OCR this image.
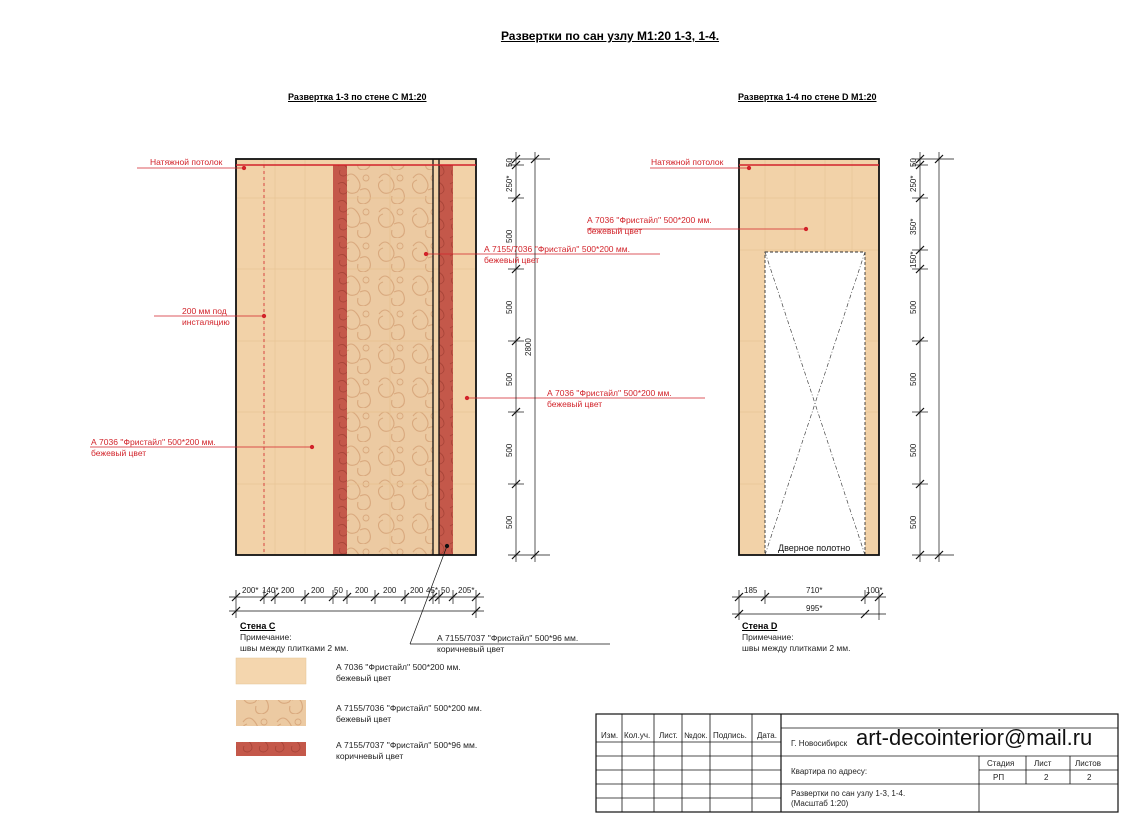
Развертки по сан узлу М1:20 1-3, 1-4.
Развертка 1-3 по стене С М1:20	Развертка 1-4 по стене D М1:20
Натяжной потолок
200 мм под
инсталяцию
А 7036 ''Фристайл'' 500*200 мм.
бежевый цвет
А 7155/7036 ''Фристайл'' 500*200 мм.
бежевый цвет
А 7036 ''Фристайл'' 500*200 мм.
бежевый цвет
А 7155/7037 ''Фристайл'' 500*96 мм.
коричневый цвет
50
250*
500
500
500
500
500
2800
200* 140* 200 200 50 200 200 200 45* 50 205*
Стена С
Примечание:
швы между плитками 2 мм.
А 7036 ''Фристайл'' 500*200 мм.
бежевый цвет
А 7155/7036 ''Фристайл'' 500*200 мм.
бежевый цвет
А 7155/7037 ''Фристайл'' 500*96 мм.
коричневый цвет
Натяжной потолок
А 7036 ''Фристайл'' 500*200 мм.
бежевый цвет
Дверное полотно
50
250*
350*
150*
500
500
500
500
185	710*	100*
995*
Стена D
Примечание:
швы между плитками 2 мм.
Изм. Кол.уч. Лист. №док. Подпись. Дата.
Г. Новосибирск art-decointerior@mail.ru
Квартира по адресу:
Развертки по сан узлу 1-3, 1-4.
(Масштаб 1:20)
Стадия Лист	Листов
РП	2	2
